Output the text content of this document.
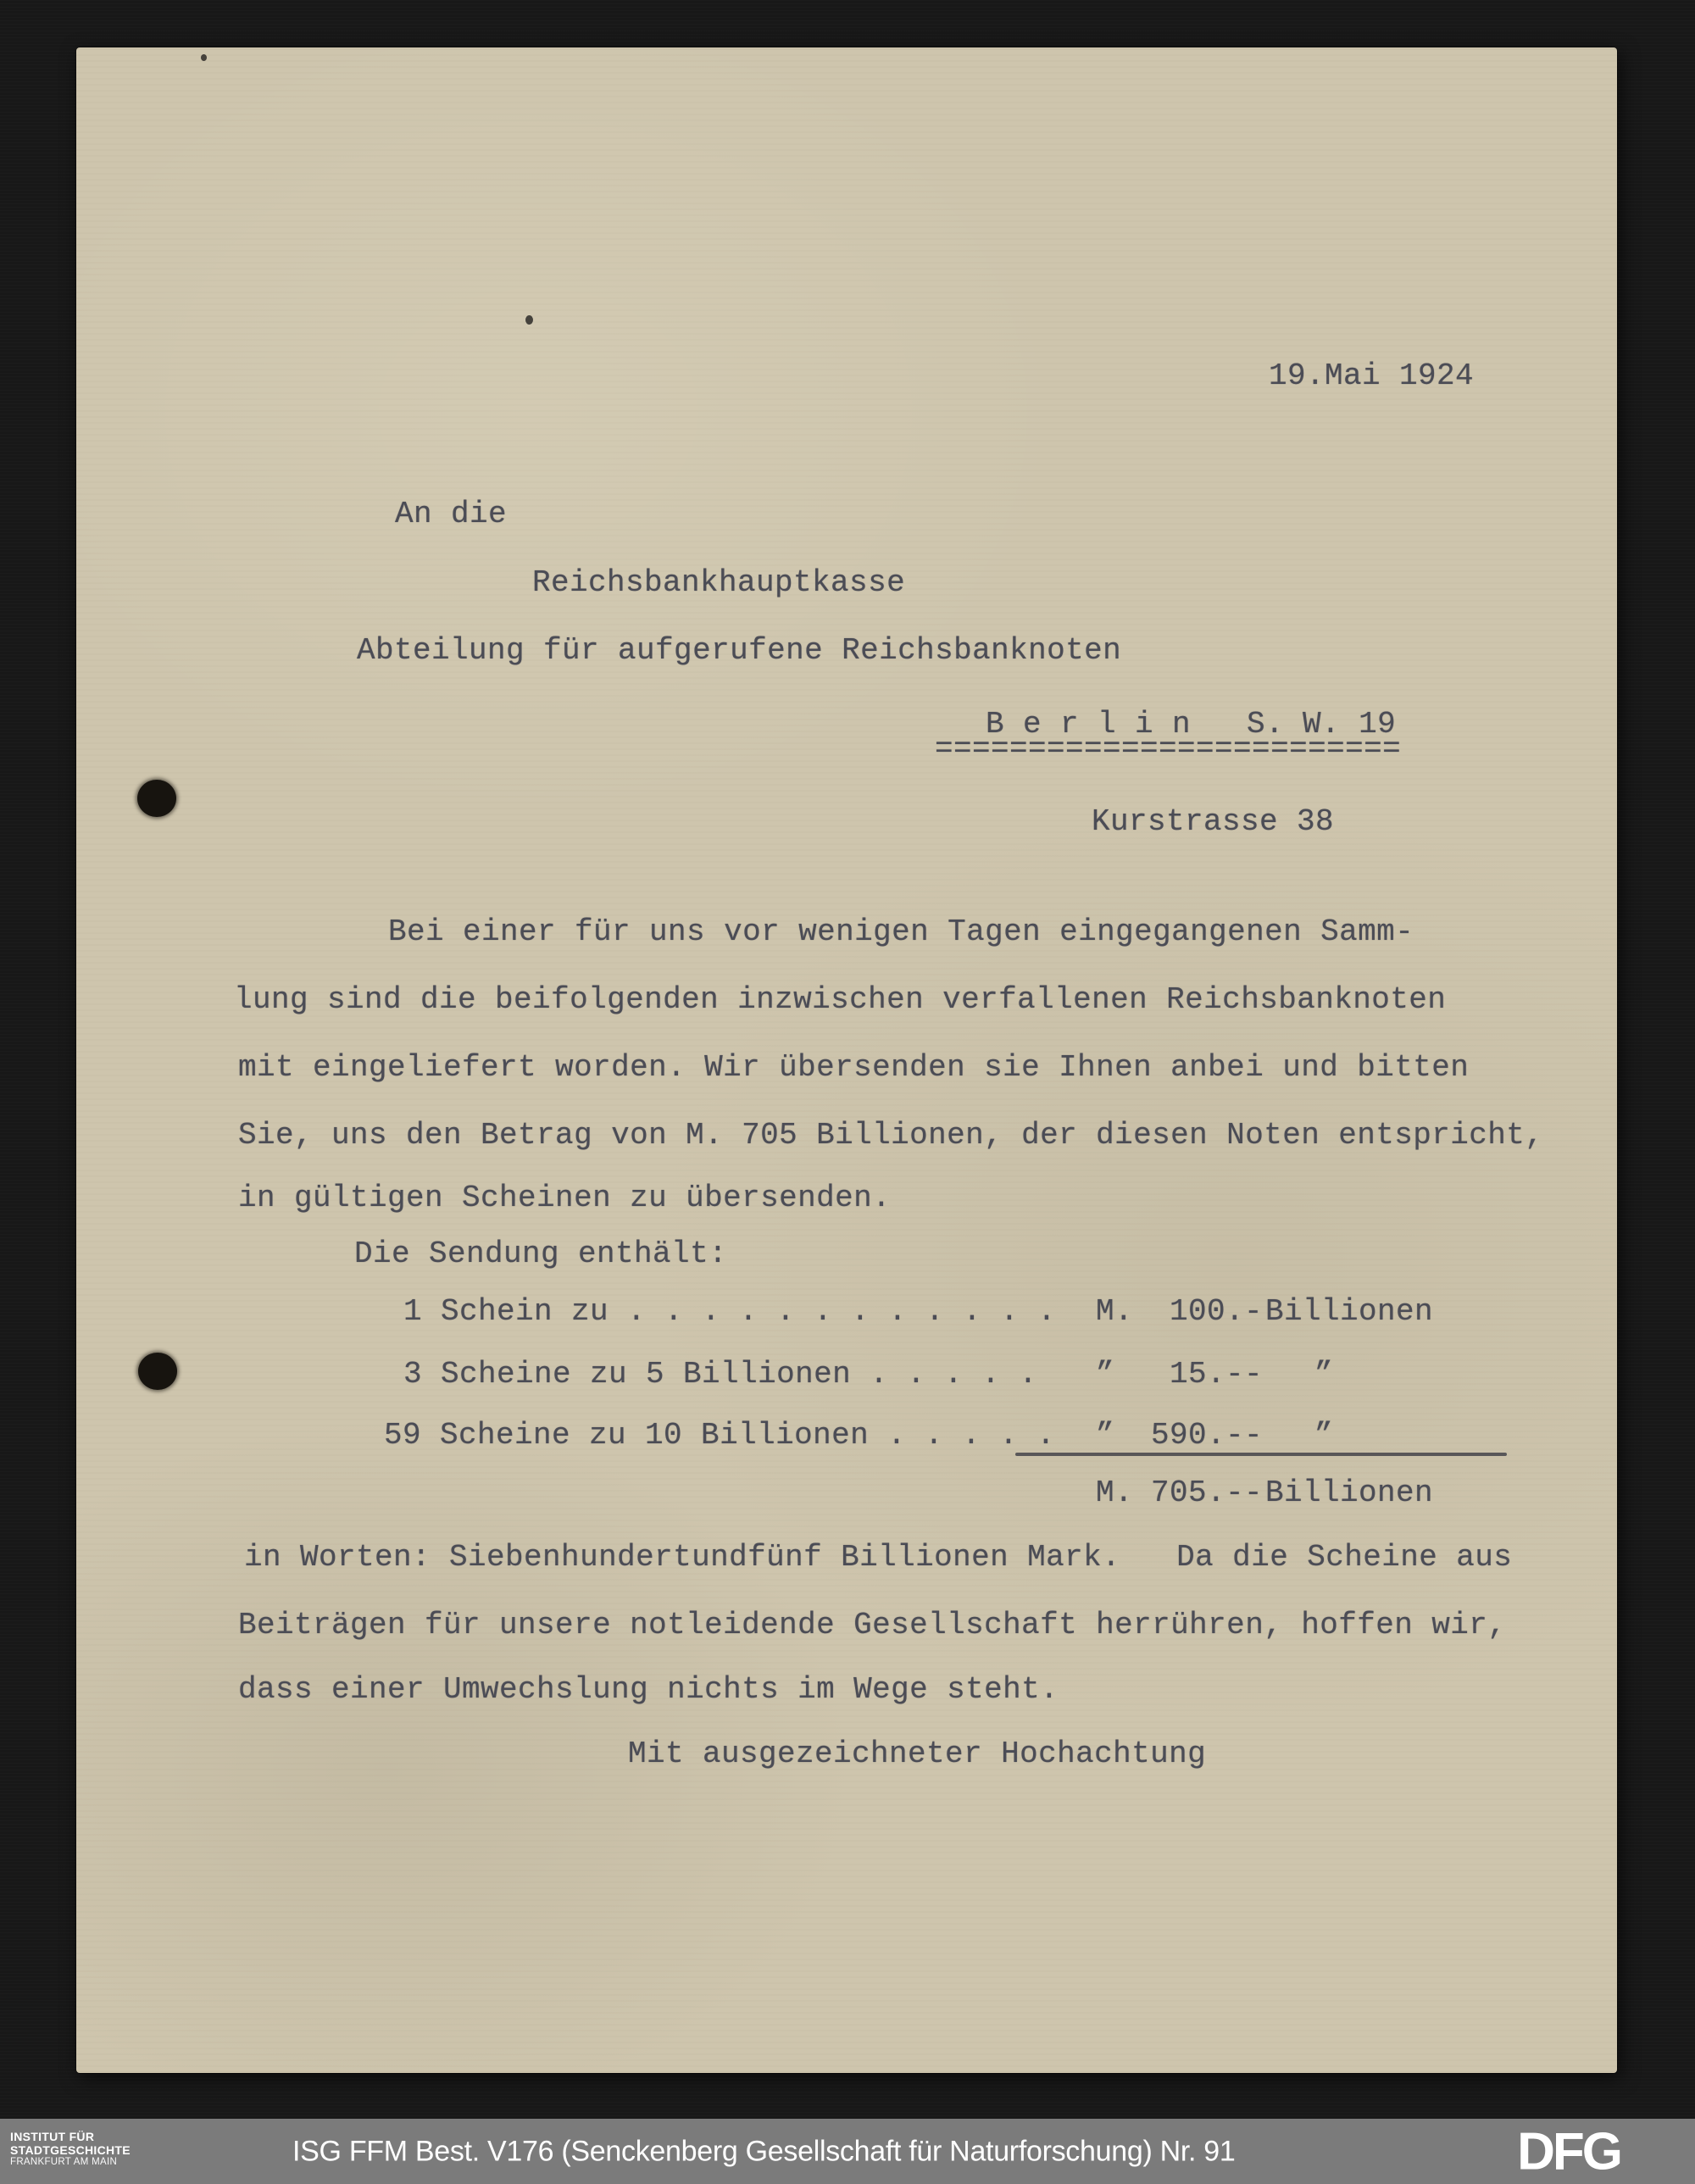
19.Mai 1924
An die
Reichsbankhauptkasse
Abteilung für aufgerufene Reichsbanknoten
B e r l i n   S. W. 19
=========================
Kurstrasse 38
Bei einer für uns vor wenigen Tagen eingegangenen Samm-
lung sind die beifolgenden inzwischen verfallenen Reichsbanknoten
mit eingeliefert worden. Wir übersenden sie Ihnen anbei und bitten
Sie, uns den Betrag von M. 705 Billionen, der diesen Noten entspricht,
in gültigen Scheinen zu übersenden.
Die Sendung enthält:
1 Schein zu . . . . . . . . . . . . M.	100.- Billionen
3 Scheine zu 5 Billionen . . . . . ”	15.-- ”
59 Scheine zu 10 Billionen . . . . . ”	590.-- ”
M. 705.-- Billionen
in Worten: Siebenhundertundfünf Billionen Mark.   Da die Scheine aus
Beiträgen für unsere notleidende Gesellschaft herrühren, hoffen wir,
dass einer Umwechslung nichts im Wege steht.
Mit ausgezeichneter Hochachtung
INSTITUT FÜR
STADTGESCHICHTE
FRANKFURT AM MAIN	ISG FFM Best. V176 (Senckenberg Gesellschaft für Naturforschung) Nr. 91	DFG
